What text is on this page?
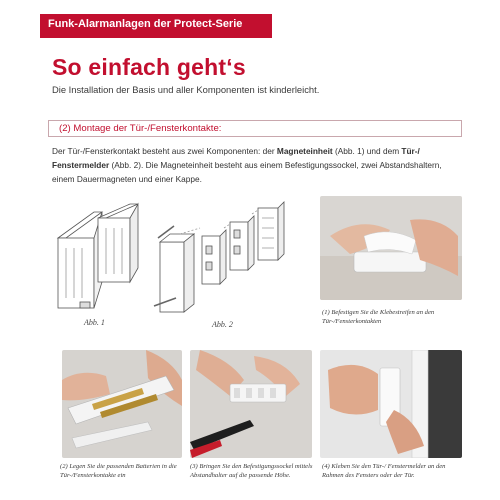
Funk-Alarmanlagen der Protect-Serie
So einfach geht‘s
Die Installation der Basis und aller Komponenten ist kinderleicht.
(2) Montage der Tür-/Fensterkontakte:
Der Tür-/Fensterkontakt besteht aus zwei Komponenten: der Magneteinheit (Abb. 1) und dem Tür-/ Fenstermelder (Abb. 2). Die Magneteinheit besteht aus einem Befestigungssockel, zwei Abstandshaltern, einem Dauermagneten und einer Kappe.
Abb. 1	Abb. 2
(1) Befestigen Sie die Klebestreifen an den Tür-/Fensterkontakten
(2) Legen Sie die passenden Batterien in die Tür-/Fensterkontakte ein
(3) Bringen Sie den Befestigungssockel mittels Abstandhalter auf die passende Höhe.
(4) Kleben Sie den Tür-/ Fenstermelder an den Rahmen des Fensters oder der Tür.
